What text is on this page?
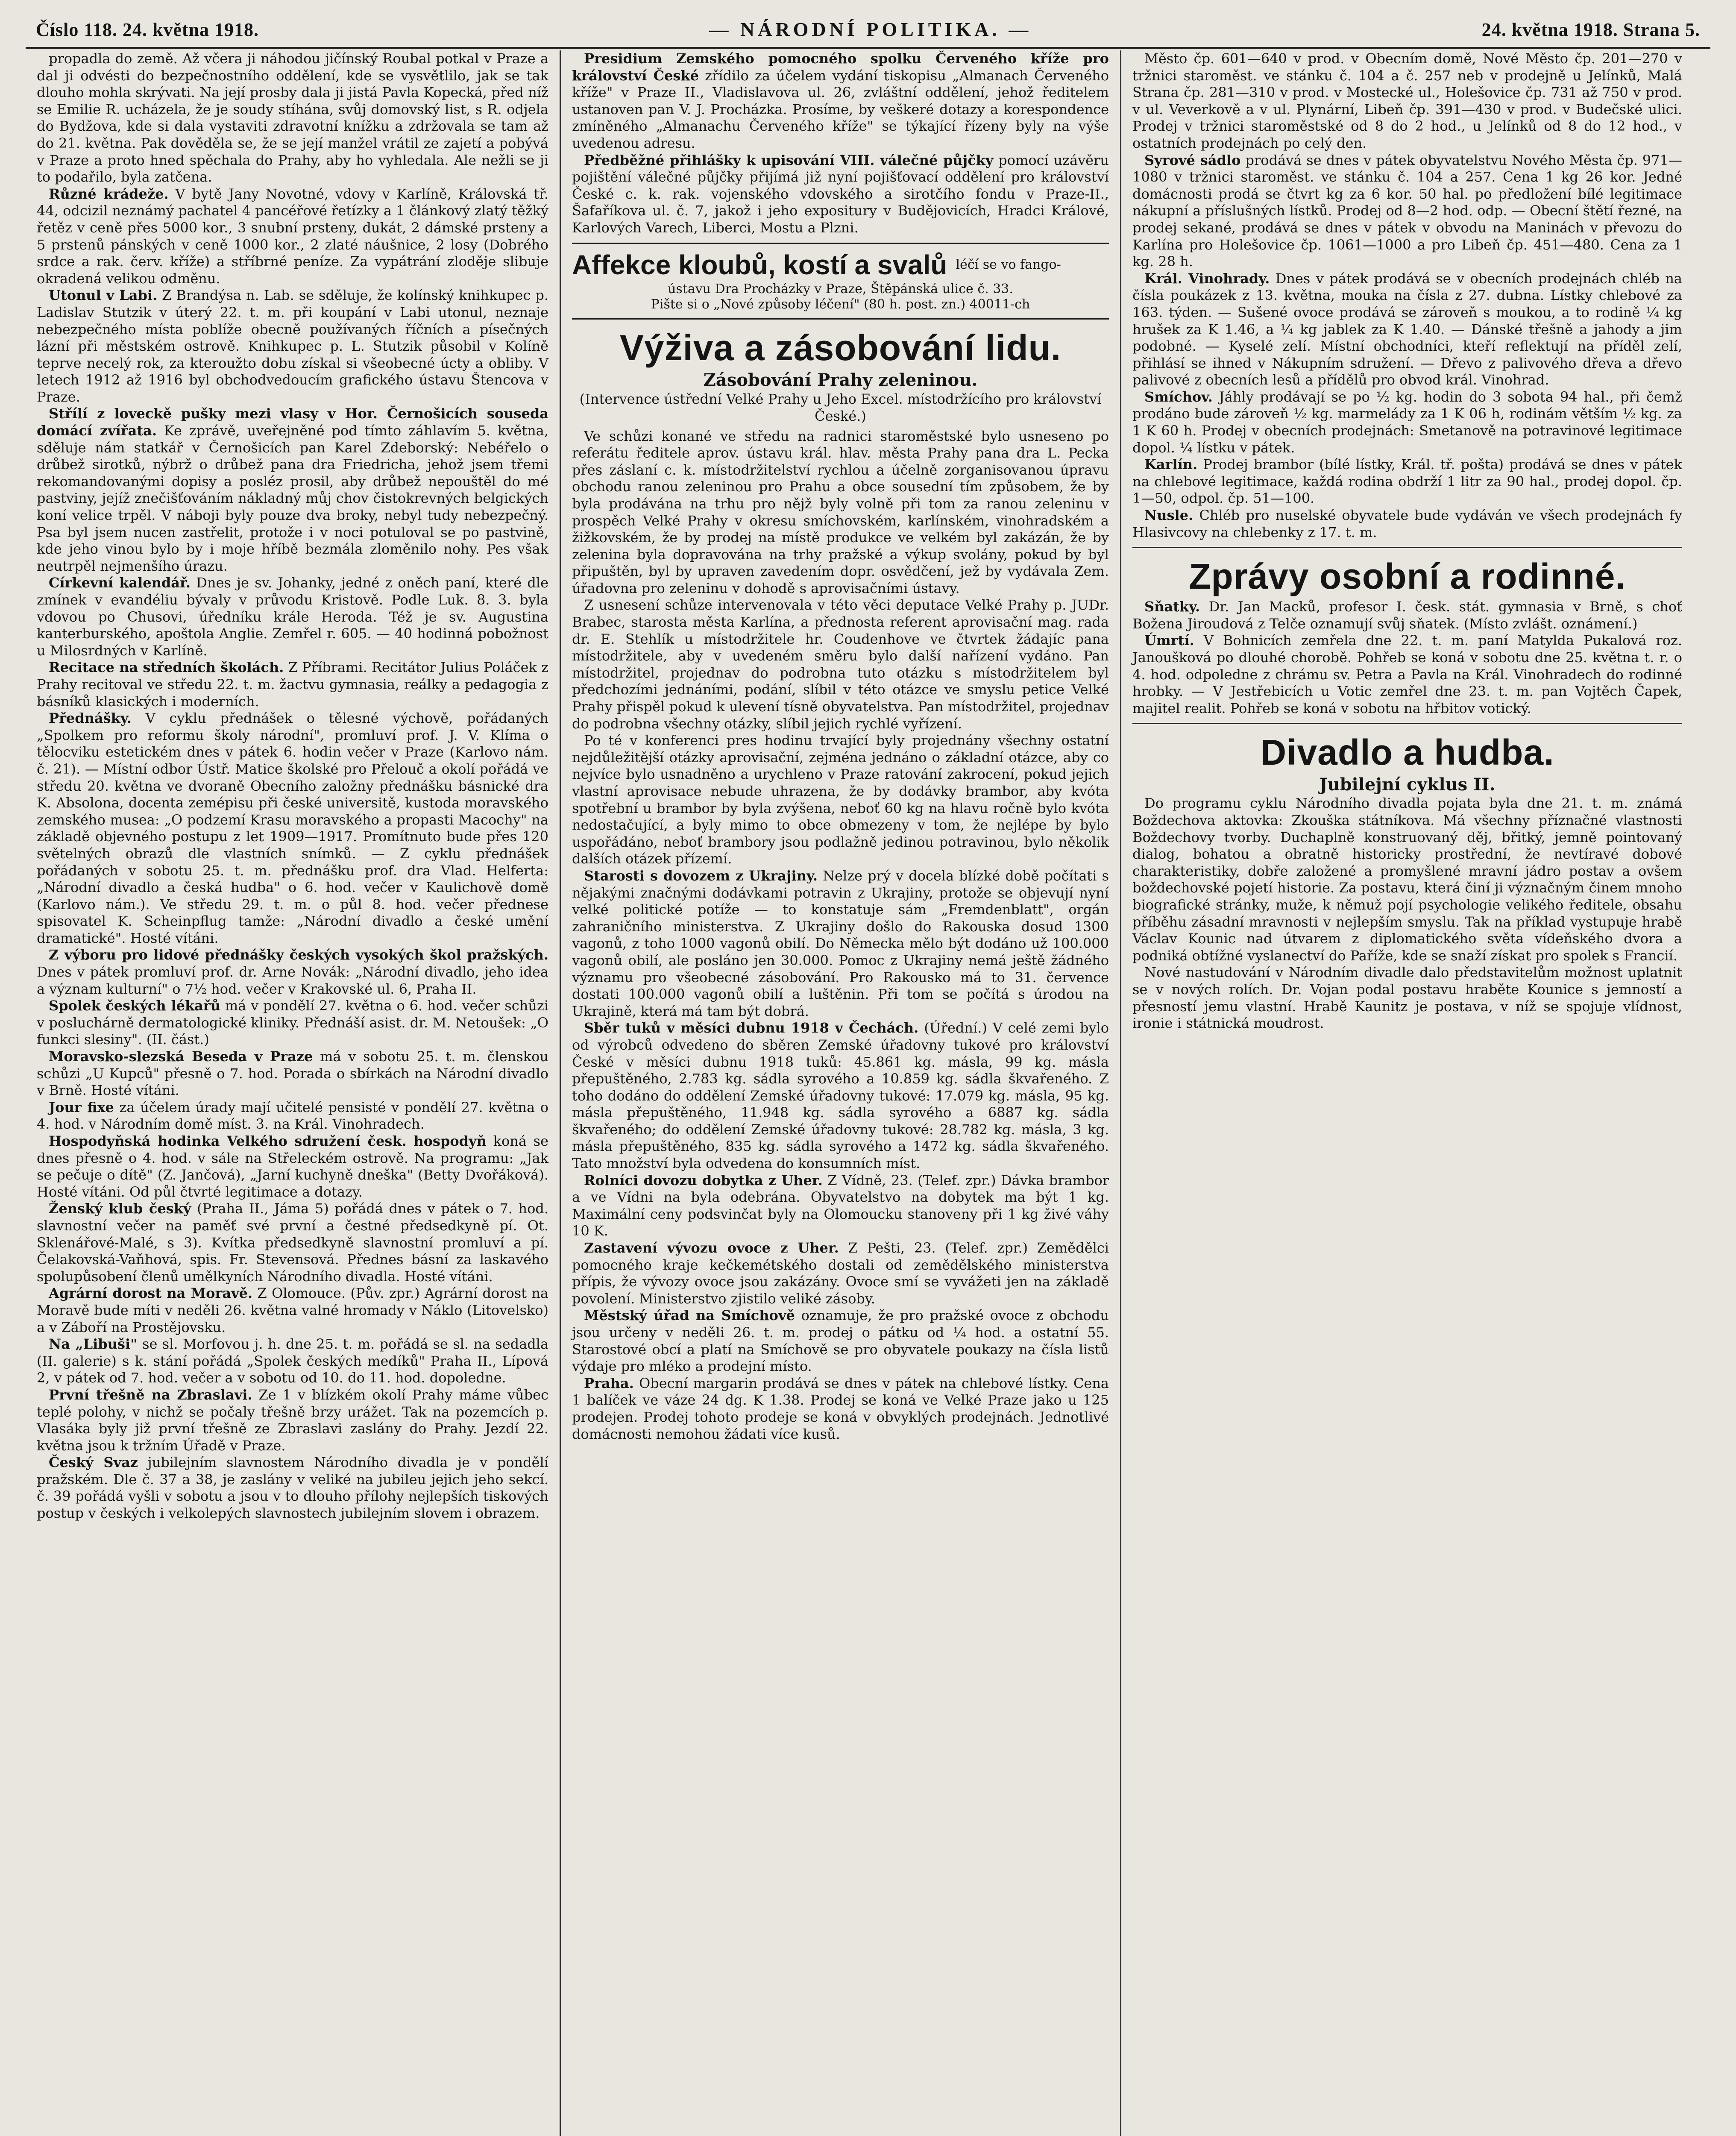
Číslo 118. 24. května 1918.	— NÁRODNÍ POLITIKA. —	24. května 1918. Strana 5.

propadla do země. Až včera ji náhodou jičínský Roubal potkal v Praze a dal ji odvésti do bezpečnostního oddělení, kde se vysvětlilo, jak se tak dlouho mohla skrývati. Na její prosby dala ji jistá Pavla Kopecká, před níž se Emilie R. ucházela, že je soudy stíhána, svůj domovský list, s R. odjela do Bydžova, kde si dala vystaviti zdravotní knížku a zdržovala se tam až do 21. května. Pak dověděla se, že se její manžel vrátil ze zajetí a pobývá v Praze a proto hned spěchala do Prahy, aby ho vyhledala. Ale nežli se ji to podařilo, byla zatčena.

Různé krádeže. V bytě Jany Novotné, vdovy v Karlíně, Královská tř. 44, odcizil neznámý pachatel 4 pancéřové řetízky a 1 článkový zlatý těžký řetěz v ceně přes 5000 kor., 3 snubní prsteny, dukát, 2 dámské prsteny a 5 prstenů pánských v ceně 1000 kor., 2 zlaté náušnice, 2 losy (Dobrého srdce a rak. červ. kříže) a stříbrné peníze. Za vypátrání zloděje slibuje okradená velikou odměnu.

Utonul v Labi. Z Brandýsa n. Lab. se sděluje, že kolínský knihkupec p. Ladislav Stutzik v úterý 22. t. m. při koupání v Labi utonul, neznaje nebezpečného místa poblíže obecně používaných říčních a písečných lázní při městském ostrově. Knihkupec p. L. Stutzik působil v Kolíně teprve necelý rok, za kteroužto dobu získal si všeobecné úcty a obliby. V letech 1912 až 1916 byl obchodvedoucím grafického ústavu Štencova v Praze.

Střílí z loveckě pušky mezi vlasy v Hor. Černošicích souseda domácí zvířata. Ke zprávě, uveřejněné pod tímto záhlavím 5. května, sděluje nám statkář v Černošicích pan Karel Zdeborský: Nebéřelo o drůbež sirotků, nýbrž o drůbež pana dra Friedricha, jehož jsem třemi rekomandovanými dopisy a posléz prosil, aby drůbež nepouštěl do mé pastviny, jejíž znečišťováním nákladný můj chov čistokrevných belgických koní velice trpěl. V náboji byly pouze dva broky, nebyl tudy nebezpečný. Psa byl jsem nucen zastřelit, protože i v noci potuloval se po pastvině, kde jeho vinou bylo by i moje hříbě bezmála zloměnilo nohy. Pes však neutrpěl nejmenšího úrazu.

Církevní kalendář. Dnes je sv. Johanky, jedné z oněch paní, které dle zmínek v evandéliu bývaly v průvodu Kristově. Podle Luk. 8. 3. byla vdovou po Chusovi, úředníku krále Heroda. Též je sv. Augustina kanterburského, apoštola Anglie. Zemřel r. 605. — 40 hodinná pobožnost u Milosrdných v Karlíně.

Recitace na středních školách. Z Příbrami. Recitátor Julius Poláček z Prahy recitoval ve středu 22. t. m. žactvu gymnasia, reálky a pedagogia z básníků klasických i moderních.

Přednášky. V cyklu přednášek o tělesné výchově, pořádaných „Spolkem pro reformu školy národní", promluví prof. J. V. Klíma o tělocviku estetickém dnes v pátek 6. hodin večer v Praze (Karlovo nám. č. 21). — Místní odbor Ústř. Matice školské pro Přelouč a okolí pořádá ve středu 20. května ve dvoraně Obecního založny přednášku básnické dra K. Absolona, docenta zemépisu při české universitě, kustoda moravského zemského musea: „O podzemí Krasu moravského a propasti Macochy" na základě objevného postupu z let 1909—1917. Promítnuto bude přes 120 světelných obrazů dle vlastních snímků. — Z cyklu přednášek pořádaných v sobotu 25. t. m. přednášku prof. dra Vlad. Helferta: „Národní divadlo a česká hudba" o 6. hod. večer v Kaulichově domě (Karlovo nám.). Ve středu 29. t. m. o půl 8. hod. večer přednese spisovatel K. Scheinpflug tamže: „Národní divadlo a české umění dramatické". Hosté vítáni.

Z výboru pro lidové přednášky českých vysokých škol pražských. Dnes v pátek promluví prof. dr. Arne Novák: „Národní divadlo, jeho idea a význam kulturní" o 7½ hod. večer v Krakovské ul. 6, Praha II.

Spolek českých lékařů má v pondělí 27. května o 6. hod. večer schůzi v posluchárně dermatologické kliniky. Přednáší asist. dr. M. Netoušek: „O funkci slesiny". (II. část.)

Moravsko-slezská Beseda v Praze má v sobotu 25. t. m. členskou schůzi „U Kupců" přesně o 7. hod. Porada o sbírkách na Národní divadlo v Brně. Hosté vítáni.

Jour fixe za účelem úrady mají učitelé pensisté v pondělí 27. května o 4. hod. v Národním domě míst. 3. na Král. Vinohradech.

Hospodyňská hodinka Velkého sdružení česk. hospodyň koná se dnes přesně o 4. hod. v sále na Střeleckém ostrově. Na programu: „Jak se pečuje o dítě" (Z. Jančová), „Jarní kuchyně dneška" (Betty Dvořáková). Hosté vítáni. Od půl čtvrté legitimace a dotazy.

Ženský klub český (Praha II., Jáma 5) pořádá dnes v pátek o 7. hod. slavnostní večer na paměť své první a čestné předsedkyně pí. Ot. Sklenářové-Malé, s 3). Kvítka předsedkyně slavnostní promluví a pí. Čelakovská-Vaňhová, spis. Fr. Stevensová. Přednes básní za laskavého spolupůsobení členů umělkyních Národního divadla. Hosté vítáni.

Agrární dorost na Moravě. Z Olomouce. (Pův. zpr.) Agrární dorost na Moravě bude míti v neděli 26. května valné hromady v Náklo (Litovelsko) a v Záboří na Prostějovsku.

Na „Libuši" se sl. Morfovou j. h. dne 25. t. m. pořádá se sl. na sedadla (II. galerie) s k. stání pořádá „Spolek českých medíků" Praha II., Lípová 2, v pátek od 7. hod. večer a v sobotu od 10. do 11. hod. dopoledne.

První třešně na Zbraslavi. Ze 1 v blízkém okolí Prahy máme vůbec teplé polohy, v nichž se počaly třešně brzy urážet. Tak na pozemcích p. Vlasáka byly již první třešně ze Zbraslavi zaslány do Prahy. Jezdí 22. května jsou k tržním Úřadě v Praze.

Český Svaz jubilejním slavnostem Národního divadla je v pondělí pražském. Dle č. 37 a 38, je zaslány v veliké na jubileu jejich jeho sekcí. č. 39 pořádá vyšli v sobotu a jsou v to dlouho přílohy nejlepších tiskových postup v českých i velkolepých slavnostech jubilejním slovem i obrazem.

Presidium Zemského pomocného spolku Červeného kříže pro království České zřídilo za účelem vydání tiskopisu „Almanach Červeného kříže" v Praze II., Vladislavova ul. 26, zvláštní oddělení, jehož ředitelem ustanoven pan V. J. Procházka. Prosíme, by veškeré dotazy a korespondence zmíněného „Almanachu Červeného kříže" se týkající řízeny byly na výše uvedenou adresu.

Předběžné přihlášky k upisování VIII. válečné půjčky pomocí uzávěru pojištění válečné půjčky přijímá již nyní pojišťovací oddělení pro království České c. k. rak. vojenského vdovského a sirotčího fondu v Praze-II., Šafaříkova ul. č. 7, jakož i jeho expositury v Budějovicích, Hradci Králové, Karlových Varech, Liberci, Mostu a Plzni.

Affekce kloubů, kostí a svalů léčí se vo fango-

ústavu Dra Procházky v Praze, Štěpánská ulice č. 33.

Pište si o „Nové způsoby léčení" (80 h. post. zn.) 40011-ch

Výživa a zásobování lidu.

Zásobování Prahy zeleninou.

(Intervence ústřední Velké Prahy u Jeho Excel. místodržícího pro království České.)

Ve schůzi konané ve středu na radnici staroměstské bylo usneseno po referátu ředitele aprov. ústavu král. hlav. města Prahy pana dra L. Pecka přes záslaní c. k. místodržitelství rychlou a účelně zorganisovanou úpravu obchodu ranou zeleninou pro Prahu a obce sousední tím způsobem, že by byla prodávána na trhu pro nějž byly volně při tom za ranou zeleninu v prospěch Velké Prahy v okresu smíchovském, karlínském, vinohradském a žižkovském, že by prodej na místě produkce ve velkém byl zakázán, že by zelenina byla dopravována na trhy pražské a výkup svolány, pokud by byl připuštěn, byl by upraven zavedením dopr. osvědčení, jež by vydávala Zem. úřadovna pro zeleninu v dohodě s aprovisačními ústavy.

Z usnesení schůze intervenovala v této věci deputace Velké Prahy p. JUDr. Brabec, starosta města Karlína, a přednosta referent aprovisační mag. rada dr. E. Stehlík u místodržitele hr. Coudenhove ve čtvrtek žádajíc pana místodržitele, aby v uvedeném směru bylo další nařízení vydáno. Pan místodržitel, projednav do podrobna tuto otázku s místodržitelem byl předchozími jednáními, podání, slíbil v této otázce ve smyslu petice Velké Prahy přispěl pokud k ulevení tísně obyvatelstva. Pan místodržitel, projednav do podrobna všechny otázky, slíbil jejich rychlé vyřízení.

Po té v konferenci pres hodinu trvající byly projednány všechny ostatní nejdůležitější otázky aprovisační, zejména jednáno o základní otázce, aby co nejvíce bylo usnadněno a urychleno v Praze ratování zakrocení, pokud jejich vlastní aprovisace nebude uhrazena, že by dodávky brambor, aby kvóta spotřební u brambor by byla zvýšena, neboť 60 kg na hlavu ročně bylo kvóta nedostačující, a byly mimo to obce obmezeny v tom, že nejlépe by bylo uspořádáno, neboť brambory jsou podlažně jedinou potravinou, bylo několik dalších otázek přízemí.

Starosti s dovozem z Ukrajiny. Nelze prý v docela blízké době počítati s nějakými značnými dodávkami potravin z Ukrajiny, protože se objevují nyní velké politické potíže — to konstatuje sám „Fremdenblatt", orgán zahraničního ministerstva. Z Ukrajiny došlo do Rakouska dosud 1300 vagonů, z toho 1000 vagonů obilí. Do Německa mělo být dodáno už 100.000 vagonů obilí, ale posláno jen 30.000. Pomoc z Ukrajiny nemá ještě žádného významu pro všeobecné zásobování. Pro Rakousko má to 31. července dostati 100.000 vagonů obilí a luštěnin. Při tom se počítá s úrodou na Ukrajině, která má tam být dobrá.

Sběr tuků v měsíci dubnu 1918 v Čechách. (Úřední.) V celé zemi bylo od výrobců odvedeno do sběren Zemské úřadovny tukové pro království České v měsíci dubnu 1918 tuků: 45.861 kg. másla, 99 kg. másla přepuštěného, 2.783 kg. sádla syrového a 10.859 kg. sádla škvařeného. Z toho dodáno do oddělení Zemské úřadovny tukové: 17.079 kg. másla, 95 kg. másla přepuštěného, 11.948 kg. sádla syrového a 6887 kg. sádla škvařeného; do oddělení Zemské úřadovny tukové: 28.782 kg. másla, 3 kg. másla přepuštěného, 835 kg. sádla syrového a 1472 kg. sádla škvařeného. Tato množství byla odvedena do konsumních míst.

Rolníci dovozu dobytka z Uher. Z Vídně, 23. (Telef. zpr.) Dávka brambor a ve Vídni na byla odebrána. Obyvatelstvo na dobytek ma být 1 kg. Maximální ceny podsvinčat byly na Olomoucku stanoveny při 1 kg živé váhy 10 K.

Zastavení vývozu ovoce z Uher. Z Pešti, 23. (Telef. zpr.) Zemědělci pomocného kraje kečkemétského dostali od zemědělského ministerstva přípis, že vývozy ovoce jsou zakázány. Ovoce smí se vyvážeti jen na základě povolení. Ministerstvo zjistilo veliké zásoby.

Městský úřad na Smíchově oznamuje, že pro pražské ovoce z obchodu jsou určeny v neděli 26. t. m. prodej o pátku od ¼ hod. a ostatní 55. Starostové obcí a platí na Smíchově se pro obyvatele poukazy na čísla listů výdaje pro mléko a prodejní místo.

Praha. Obecní margarin prodává se dnes v pátek na chlebové lístky. Cena 1 balíček ve váze 24 dg. K 1.38. Prodej se koná ve Velké Praze jako u 125 prodejen. Prodej tohoto prodeje se koná v obvyklých prodejnách. Jednotlivé domácnosti nemohou žádati více kusů.

Město čp. 601—640 v prod. v Obecním domě, Nové Město čp. 201—270 v tržnici staroměst. ve stánku č. 104 a č. 257 neb v prodejně u Jelínků, Malá Strana čp. 281—310 v prod. v Mostecké ul., Holešovice čp. 731 až 750 v prod. v ul. Veverkově a v ul. Plynární, Libeň čp. 391—430 v prod. v Budečské ulici. Prodej v tržnici staroměstské od 8 do 2 hod., u Jelínků od 8 do 12 hod., v ostatních prodejnách po celý den.

Syrové sádlo prodává se dnes v pátek obyvatelstvu Nového Města čp. 971—1080 v tržnici staroměst. ve stánku č. 104 a 257. Cena 1 kg 26 kor. Jedné domácnosti prodá se čtvrt kg za 6 kor. 50 hal. po předložení bílé legitimace nákupní a příslušných lístků. Prodej od 8—2 hod. odp. — Obecní štětí řezné, na prodej sekané, prodává se dnes v pátek v obvodu na Maninách v převozu do Karlína pro Holešovice čp. 1061—1000 a pro Libeň čp. 451—480. Cena za 1 kg. 28 h.

Král. Vinohrady. Dnes v pátek prodává se v obecních prodejnách chléb na čísla poukázek z 13. května, mouka na čísla z 27. dubna. Lístky chlebové za 163. týden. — Sušené ovoce prodává se zároveň s moukou, a to rodině ¼ kg hrušek za K 1.46, a ¼ kg jablek za K 1.40. — Dánské třešně a jahody a jim podobné. — Kyselé zelí. Místní obchodníci, kteří reflektují na příděl zelí, přihlásí se ihned v Nákupním sdružení. — Dřevo z palivového dřeva a dřevo palivové z obecních lesů a přídělů pro obvod král. Vinohrad.

Smíchov. Jáhly prodávají se po ½ kg. hodin do 3 sobota 94 hal., při čemž prodáno bude zároveň ½ kg. marmelády za 1 K 06 h, rodinám větším ½ kg. za 1 K 60 h. Prodej v obecních prodejnách: Smetanově na potravinové legitimace dopol. ¼ lístku v pátek.

Karlín. Prodej brambor (bílé lístky, Král. tř. pošta) prodává se dnes v pátek na chlebové legitimace, každá rodina obdrží 1 litr za 90 hal., prodej dopol. čp. 1—50, odpol. čp. 51—100.

Nusle. Chléb pro nuselské obyvatele bude vydáván ve všech prodejnách fy Hlasivcovy na chlebenky z 17. t. m.

Zprávy osobní a rodinné.

Sňatky. Dr. Jan Macků, profesor I. česk. stát. gymnasia v Brně, s choť Božena Jiroudová z Telče oznamují svůj sňatek. (Místo zvlášt. oznámení.)

Úmrtí. V Bohnicích zemřela dne 22. t. m. paní Matylda Pukalová roz. Janoušková po dlouhé chorobě. Pohřeb se koná v sobotu dne 25. května t. r. o 4. hod. odpoledne z chrámu sv. Petra a Pavla na Král. Vinohradech do rodinné hrobky. — V Jestřebicích u Votic zemřel dne 23. t. m. pan Vojtěch Čapek, majitel realit. Pohřeb se koná v sobotu na hřbitov votický.

Divadlo a hudba.

Jubilejní cyklus II.

Do programu cyklu Národního divadla pojata byla dne 21. t. m. známá Boždechova aktovka: Zkouška státníkova. Má všechny příznačné vlastnosti Boždechovy tvorby. Duchaplně konstruovaný děj, břitký, jemně pointovaný dialog, bohatou a obratně historicky prostřední, že nevtíravé dobové charakteristiky, dobře založené a promyšlené mravní jádro postav a ovšem boždechovské pojetí historie. Za postavu, která činí ji význačným činem mnoho biografické stránky, muže, k němuž pojí psychologie velikého ředitele, obsahu příběhu zásadní mravnosti v nejlepším smyslu. Tak na příklad vystupuje hrabě Václav Kounic nad útvarem z diplomatického světa vídeňského dvora a podniká obtížné vyslanectví do Paříže, kde se snaží získat pro spolek s Francií.

Nové nastudování v Národním divadle dalo představitelům možnost uplatnit se v nových rolích. Dr. Vojan podal postavu hraběte Kounice s jemností a přesností jemu vlastní. Hrabě Kaunitz je postava, v níž se spojuje vlídnost, ironie i státnická moudrost.
